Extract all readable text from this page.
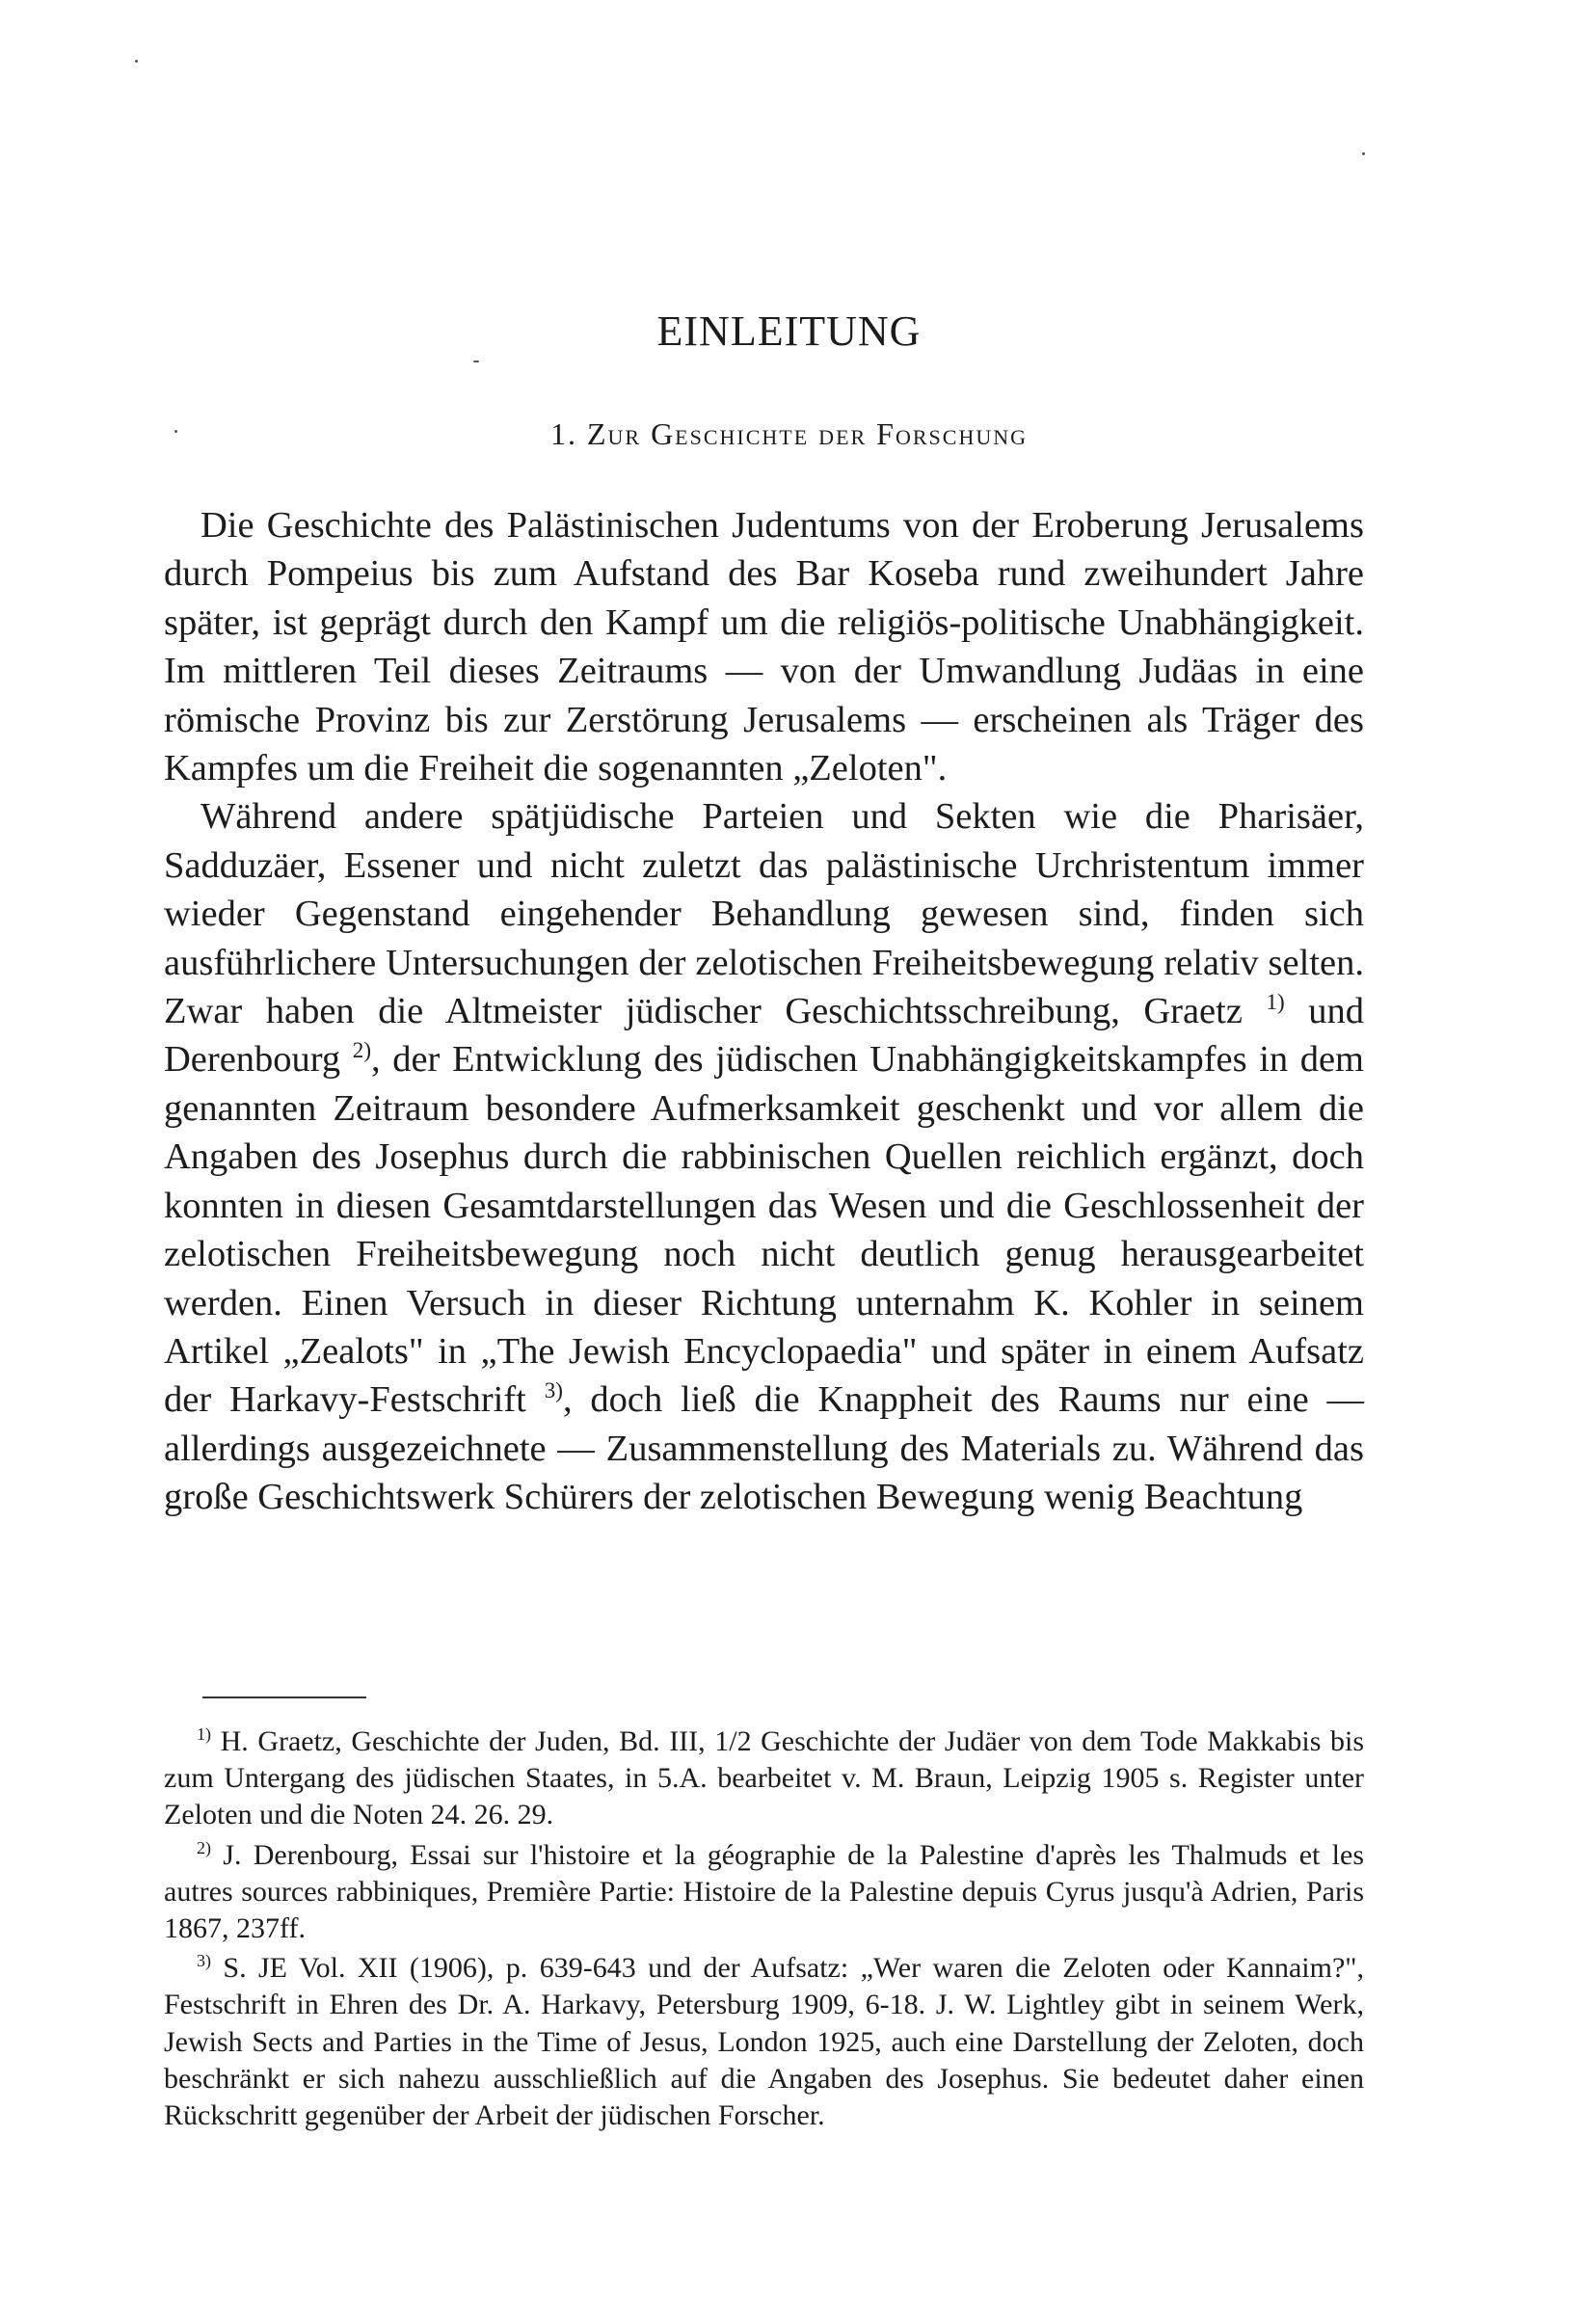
EINLEITUNG
1. Zur Geschichte der Forschung

Die Geschichte des Palästinischen Judentums von der Eroberung Jerusalems durch Pompeius bis zum Aufstand des Bar Koseba rund zweihundert Jahre später, ist geprägt durch den Kampf um die religiös-politische Unabhängigkeit. Im mittleren Teil dieses Zeitraums — von der Umwandlung Judäas in eine römische Provinz bis zur Zerstörung Jerusalems — erscheinen als Träger des Kampfes um die Freiheit die sogenannten „Zeloten".

Während andere spätjüdische Parteien und Sekten wie die Pharisäer, Sadduzäer, Essener und nicht zuletzt das palästinische Urchristentum immer wieder Gegenstand eingehender Behandlung gewesen sind, finden sich ausführlichere Untersuchungen der zelotischen Freiheitsbewegung relativ selten. Zwar haben die Altmeister jüdischer Geschichtsschreibung, Graetz $^{1)}$ und Derenbourg $^{2)}$, der Entwicklung des jüdischen Unabhängigkeitskampfes in dem genannten Zeitraum besondere Aufmerksamkeit geschenkt und vor allem die Angaben des Josephus durch die rabbinischen Quellen reichlich ergänzt, doch konnten in diesen Gesamtdarstellungen das Wesen und die Geschlossenheit der zelotischen Freiheitsbewegung noch nicht deutlich genug herausgearbeitet werden. Einen Versuch in dieser Richtung unternahm K. Kohler in seinem Artikel „Zealots" in „The Jewish Encyclopaedia" und später in einem Aufsatz der Harkavy-Festschrift $^{3)}$, doch ließ die Knappheit des Raums nur eine — allerdings ausgezeichnete — Zusammenstellung des Materials zu. Während das große Geschichtswerk Schürers der zelotischen Bewegung wenig Beachtung

$^{1)}$ H. Graetz, Geschichte der Juden, Bd. III, 1/2 Geschichte der Judäer von dem Tode Makkabis bis zum Untergang des jüdischen Staates, in 5.A. bearbeitet v. M. Braun, Leipzig 1905 s. Register unter Zeloten und die Noten 24. 26. 29.

$^{2)}$ J. Derenbourg, Essai sur l'histoire et la géographie de la Palestine d'après les Thalmuds et les autres sources rabbiniques, Première Partie: Histoire de la Palestine depuis Cyrus jusqu'à Adrien, Paris 1867, 237ff.

$^{3)}$ S. JE Vol. XII (1906), p. 639-643 und der Aufsatz: „Wer waren die Zeloten oder Kannaim?", Festschrift in Ehren des Dr. A. Harkavy, Petersburg 1909, 6-18. J. W. Lightley gibt in seinem Werk, Jewish Sects and Parties in the Time of Jesus, London 1925, auch eine Darstellung der Zeloten, doch beschränkt er sich nahezu ausschließlich auf die Angaben des Josephus. Sie bedeutet daher einen Rückschritt gegenüber der Arbeit der jüdischen Forscher.
